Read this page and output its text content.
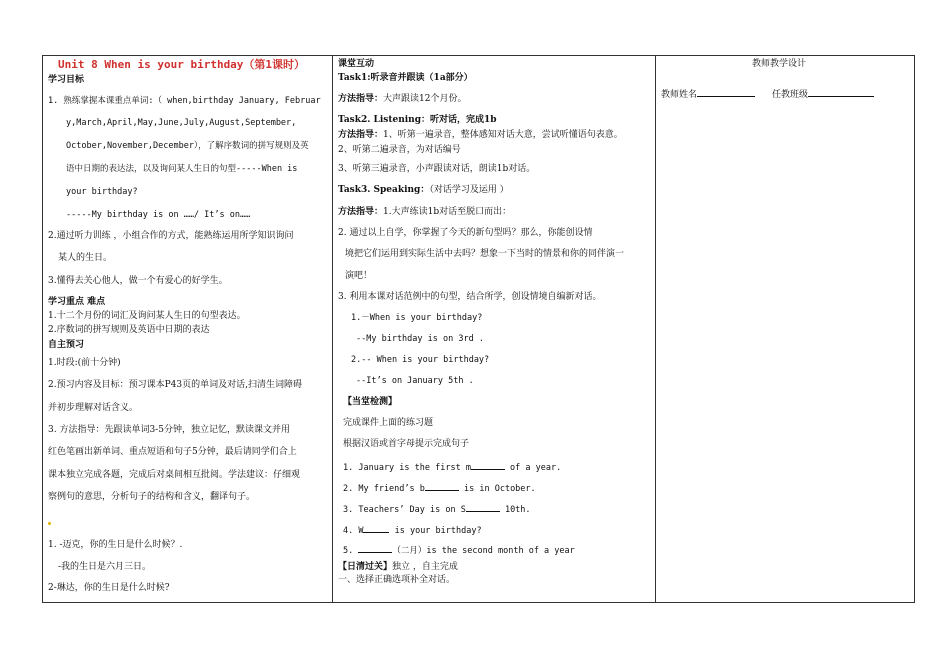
Unit 8 When is your birthday（第1课时）
学习目标
1. 熟练掌握本课重点单词:（ when,birthday January, Februar
y,March,April,May,June,July,August,September,
October,November,December），了解序数词的拼写规则及英
语中日期的表达法，以及询问某人生日的句型-----When is
your birthday?
-----My birthday is on ……/ It’s on……
2.通过听力训练 ，小组合作的方式，能熟练运用所学知识询问
某人的生日。
3.懂得去关心他人，做一个有爱心的好学生。
学习重点 难点
1.十二个月份的词汇及询问某人生日的句型表达。
2.序数词的拼写规则及英语中日期的表达
自主预习
1.时段:(前十分钟)
2.预习内容及目标：预习课本P43页的单词及对话,扫清生词障碍
并初步理解对话含义。
3. 方法指导：先跟读单词3-5分钟，独立记忆，默读课文并用
红色笔画出新单词、重点短语和句子5分钟，最后请同学们合上
课本独立完成各题，完成后对桌间相互批阅。学法建议：仔细观
察例句的意思，分析句子的结构和含义，翻译句子。
1. -迈克，你的生日是什么时候？.
-我的生日是六月三日。
2-琳达，你的生日是什么时候?
课堂互动
Task1:听录音并跟读（1a部分）
方法指导：大声跟读12个月份。
Task2. Listening：听对话，完成1b
方法指导：1、听第一遍录音，整体感知对话大意，尝试听懂语句表意。
2、听第二遍录音，为对话编号
3、听第三遍录音，小声跟读对话，朗读1b对话。
Task3. Speaking：（对话学习及运用 ）
方法指导：1.大声练读1b对话至脱口而出：
2. 通过以上自学，你掌握了今天的新句型吗？那么，你能创设情
境把它们运用到实际生活中去吗？想象一下当时的情景和你的同伴演一
演吧！
3. 利用本课对话范例中的句型，结合所学，创设情境自编新对话。
1.－When is your birthday?
--My birthday is on 3rd .
2.-- When is your birthday?
--It’s on January 5th .
【当堂检测】
完成课件上面的练习题
根据汉语或首字母提示完成句子
1. January is the first m	of a year.
2. My friend’s b	is in October.
3. Teachers’ Day is on S	10th.
4. W	is your birthday?
5.	（二月）is the second month of a year
【日清过关】独立 ，自主完成
一、选择正确选项补全对话。
教师教学设计
教师姓名	任教班级
